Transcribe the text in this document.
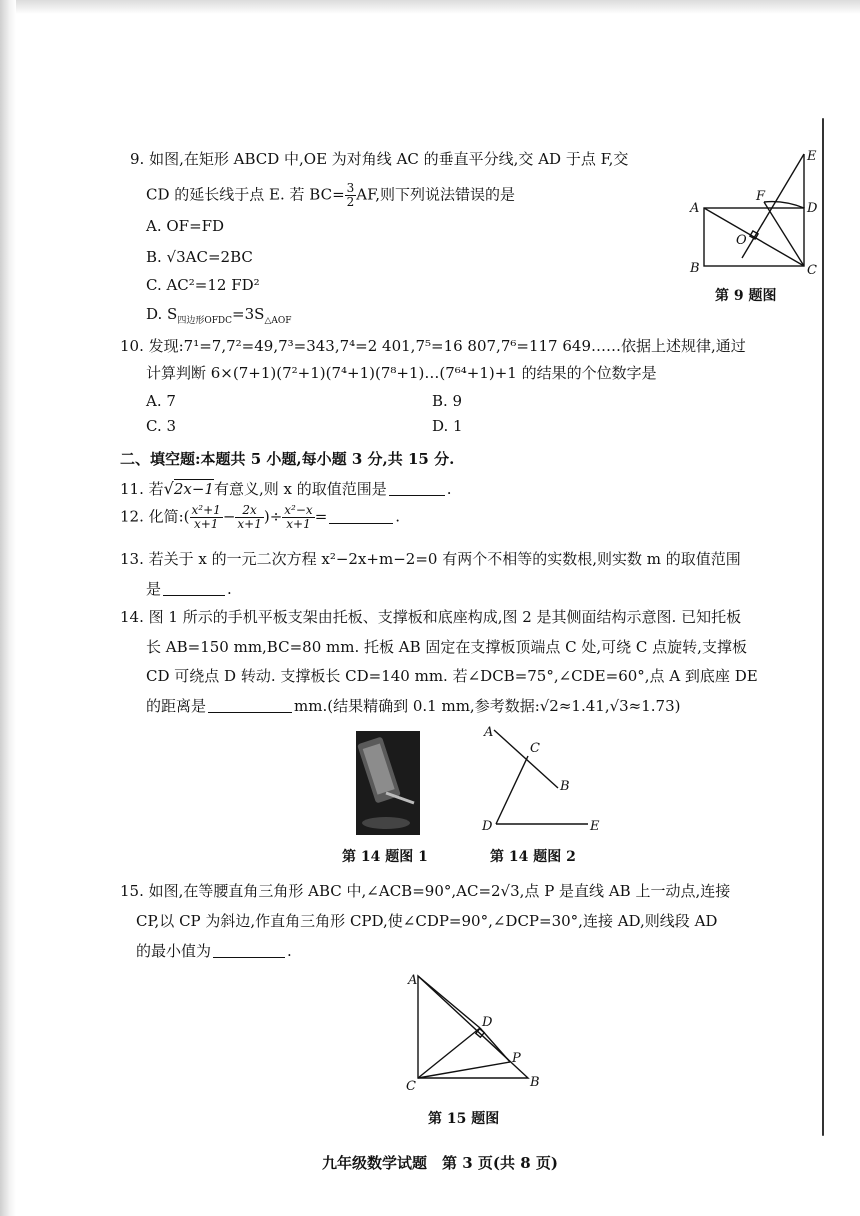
9. 如图,在矩形 ABCD 中,OE 为对角线 AC 的垂直平分线,交 AD 于点 F,交
CD 的延长线于点 E. 若 $BC= \frac{3}{2}$ AF,则下列说法错误的是
A. OF=FD
B. √3AC=2BC
C. AC²=12 FD²
D. $S_{四边形OFDC}=3S_{\triangle AOF}$
A
B	C
D
E
F
O
第 9 题图
10. 发现:7¹=7,7²=49,7³=343,7⁴=2 401,7⁵=16 807,7⁶=117 649……依据上述规律,通过
计算判断 6×(7+1)(7²+1)(7⁴+1)(7⁸+1)…(7⁶⁴+1)+1 的结果的个位数字是
A. 7	B. 9
C. 3	D. 1
二、填空题:本题共 5 小题,每小题 3 分,共 15 分.
11. 若√2x−1有意义,则 x 的取值范围是	.
12. 化简:( $\frac{\text{x²+1}}{x+1} - \frac{2x}{x+1}$ )÷ $\frac{\text{x²−x}}{x+1}$ =	.
13. 若关于 x 的一元二次方程 x²−2x+m−2=0 有两个不相等的实数根,则实数 m 的取值范围
是	.
14. 图 1 所示的手机平板支架由托板、支撑板和底座构成,图 2 是其侧面结构示意图. 已知托板
长 AB=150 mm,BC=80 mm. 托板 AB 固定在支撑板顶端点 C 处,可绕 C 点旋转,支撑板
CD 可绕点 D 转动. 支撑板长 CD=140 mm. 若∠DCB=75°,∠CDE=60°,点 A 到底座 DE
的距离是	mm.(结果精确到 0.1 mm,参考数据:√2≈1.41,√3≈1.73)
A
C
B
D	E
第 14 题图 1	第 14 题图 2
15. 如图,在等腰直角三角形 ABC 中,∠ACB=90°,AC=2√3,点 P 是直线 AB 上一动点,连接
CP,以 CP 为斜边,作直角三角形 CPD,使∠CDP=90°,∠DCP=30°,连接 AD,则线段 AD
的最小值为	.
A
C	B
D
P
第 15 题图
九年级数学试题　第 3 页(共 8 页)
